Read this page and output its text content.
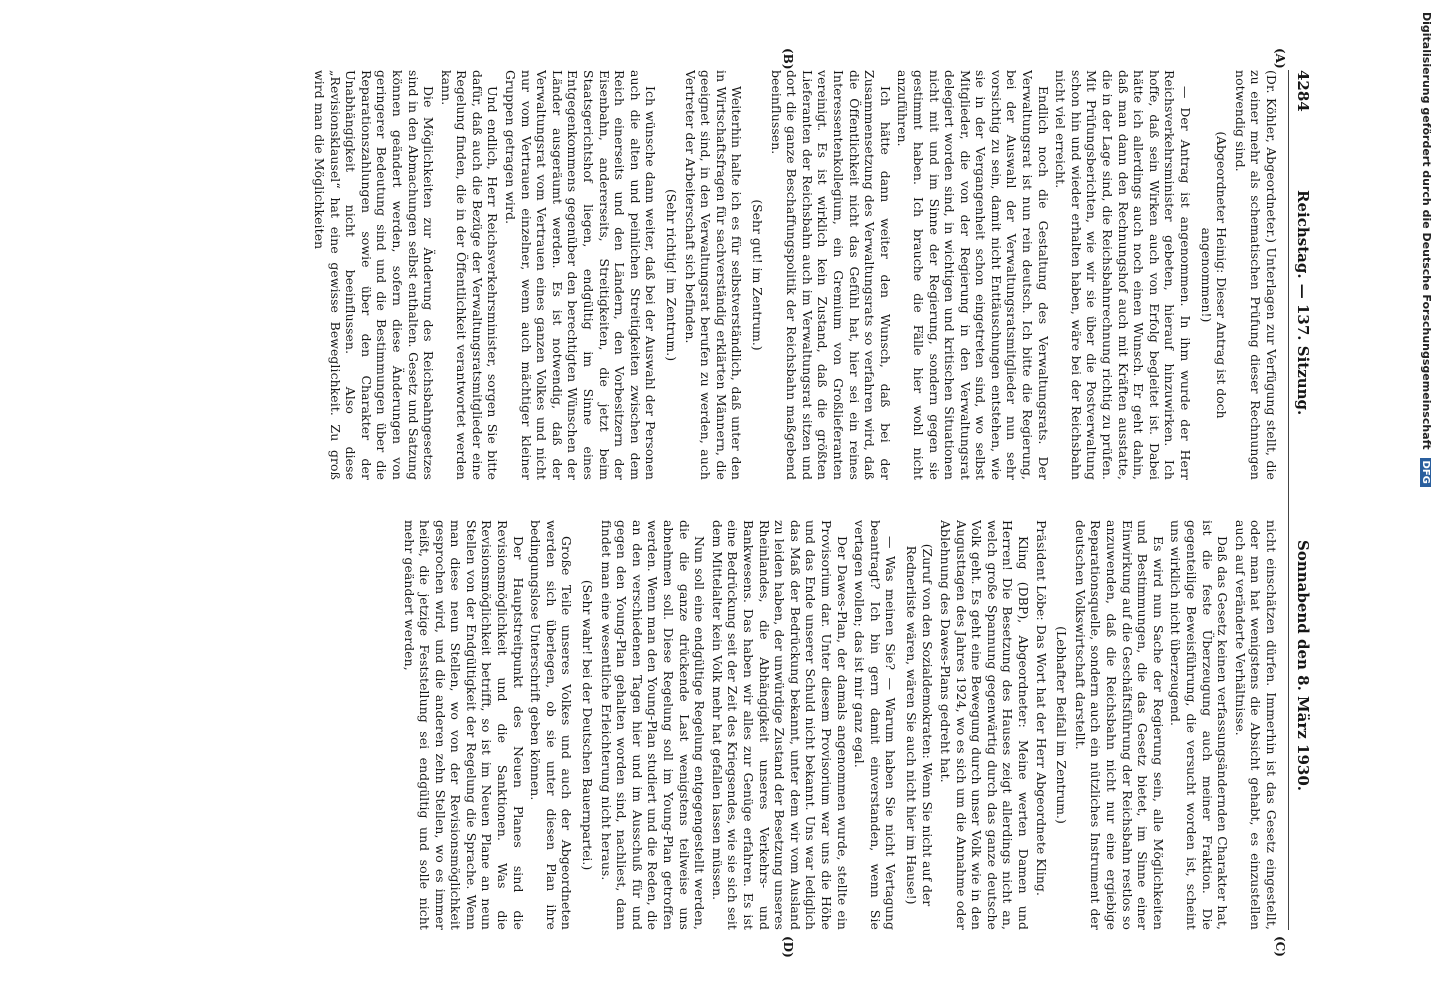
4284
Reichstag. — 137. Sitzung.
Sonnabend den 8. März 1930.
(A)
(B)
(C)
(D)

(Dr. Köhler, Abgeordneter.) Unterlagen zur Verfügung stellt, die zu einer mehr als schematischen Prüfung dieser Rechnungen notwendig sind.

(Abgeordneter Heinig: Dieser Antrag ist doch angenommen!)

— Der Antrag ist angenommen. In ihm wurde der Herr Reichsverkehrsminister gebeten, hierauf hinzuwirken. Ich hoffe, daß sein Wirken auch von Erfolg begleitet ist. Dabei hätte ich allerdings auch noch einen Wunsch. Er geht dahin, daß man dann den Rechnungshof auch mit Kräften ausstatte, die in der Lage sind, die Reichsbahnrechnung richtig zu prüfen. Mit Prüfungsberichten, wie wir sie über die Postverwaltung schon hin und wieder erhalten haben, wäre bei der Reichsbahn nicht viel erreicht.

Endlich noch die Gestaltung des Verwaltungsrats. Der Verwaltungsrat ist nun rein deutsch. Ich bitte die Regierung, bei der Auswahl der Verwaltungsratsmitglieder nun sehr vorsichtig zu sein, damit nicht Enttäuschungen entstehen, wie sie in der Vergangenheit schon eingetreten sind, wo selbst Mitglieder, die von der Regierung in den Verwaltungsrat delegiert worden sind, in wichtigen und kritischen Situationen nicht mit und im Sinne der Regierung, sondern gegen sie gestimmt haben. Ich brauche die Fälle hier wohl nicht anzuführen.

Ich hätte dann weiter den Wunsch, daß bei der Zusammensetzung des Verwaltungsrats so verfahren wird, daß die Öffentlichkeit nicht das Gefühl hat, hier sei ein reines Interessentenkollegium, ein Gremium von Großlieferanten vereinigt. Es ist wirklich kein Zustand, daß die größten Lieferanten der Reichsbahn auch im Verwaltungsrat sitzen und dort die ganze Beschaffungspolitik der Reichsbahn maßgebend beeinflussen.

(Sehr gut! im Zentrum.)

Weiterhin halte ich es für selbstverständlich, daß unter den in Wirtschaftsfragen für sachverständig erklärten Männern, die geeignet sind, in den Verwaltungsrat berufen zu werden, auch Vertreter der Arbeiterschaft sich befinden.

(Sehr richtig! im Zentrum.)

Ich wünsche dann weiter, daß bei der Auswahl der Personen auch die alten und peinlichen Streitigkeiten zwischen dem Reich einerseits und den Ländern, den Vorbesitzern der Eisenbahn, andererseits, Streitigkeiten, die jetzt beim Staatsgerichtshof liegen, endgültig im Sinne eines Entgegenkommens gegenüber den berechtigten Wünschen der Länder ausgeräumt werden. Es ist notwendig, daß der Verwaltungsrat vom Vertrauen eines ganzen Volkes und nicht nur vom Vertrauen einzelner, wenn auch mächtiger kleiner Gruppen getragen wird.

Und endlich, Herr Reichsverkehrsminister, sorgen Sie bitte dafür, daß auch die Bezüge der Verwaltungsratsmitglieder eine Regelung finden, die in der Öffentlichkeit verantwortet werden kann.

Die Möglichkeiten zur Änderung des Reichsbahngesetzes sind in den Abmachungen selbst enthalten. Gesetz und Satzung können geändert werden, sofern diese Änderungen von geringerer Bedeutung sind und die Bestimmungen über die Reparationszahlungen sowie über den Charakter der Unabhängigkeit nicht beeinflussen. Also diese „Revisionsklausel“ hat eine gewisse Beweglichkeit. Zu groß wird man die Möglichkeiten

nicht einschätzen dürfen. Immerhin ist das Gesetz eingestellt, oder man hat wenigstens die Absicht gehabt, es einzustellen auch auf veränderte Verhältnisse.

Daß das Gesetz keinen verfassungsändernden Charakter hat, ist die feste Überzeugung auch meiner Fraktion. Die gegenteilige Beweisführung, die versucht worden ist, scheint uns wirklich nicht überzeugend.

Es wird nun Sache der Regierung sein, alle Möglichkeiten und Bestimmungen, die das Gesetz bietet, im Sinne einer Einwirkung auf die Geschäftsführung der Reichsbahn restlos so anzuwenden, daß die Reichsbahn nicht nur eine ergiebige Reparationsquelle, sondern auch ein nützliches Instrument der deutschen Volkswirtschaft darstellt.

(Lebhafter Beifall im Zentrum.)

Präsident Löbe: Das Wort hat der Herr Abgeordnete Kling.

Kling (DBP), Abgeordneter: Meine werten Damen und Herren! Die Besetzung des Hauses zeigt allerdings nicht an, welch große Spannung gegenwärtig durch das ganze deutsche Volk geht. Es geht eine Bewegung durch unser Volk wie in den Augusttagen des Jahres 1924, wo es sich um die Annahme oder Ablehnung des Dawes-Plans gedreht hat.

(Zuruf von den Sozialdemokraten: Wenn Sie nicht auf der Rednerliste wären, wären Sie auch nicht hier im Hause!)

— Was meinen Sie? — Warum haben Sie nicht Vertagung beantragt? Ich bin gern damit einverstanden, wenn Sie vertagen wollen; das ist mir ganz egal.

Der Dawes-Plan, der damals angenommen wurde, stellte ein Provisorium dar. Unter diesem Provisorium war uns die Höhe und das Ende unserer Schuld nicht bekannt. Uns war lediglich das Maß der Bedrückung bekannt, unter dem wir vom Ausland zu leiden haben, der unwürdige Zustand der Besetzung unseres Rheinlandes, die Abhängigkeit unseres Verkehrs- und Bankwesens. Das haben wir alles zur Genüge erfahren. Es ist eine Bedrückung seit der Zeit des Kriegsendes, wie sie sich seit dem Mittelalter kein Volk mehr hat gefallen lassen müssen.

Nun soll eine endgültige Regelung entgegengestellt werden, die die ganze drückende Last wenigstens teilweise uns abnehmen soll. Diese Regelung soll im Young-Plan getroffen werden. Wenn man den Young-Plan studiert und die Reden, die an den verschiedenen Tagen hier und im Ausschuß für und gegen den Young-Plan gehalten worden sind, nachliest, dann findet man eine wesentliche Erleichterung nicht heraus.

(Sehr wahr! bei der Deutschen Bauernpartei.)

Große Teile unseres Volkes und auch der Abgeordneten werden sich überlegen, ob sie unter diesen Plan ihre bedingungslose Unterschrift geben können.

Der Hauptstreitpunkt des Neuen Planes sind die Revisionsmöglichkeit und die Sanktionen. Was die Revisionsmöglichkeit betrifft, so ist im Neuen Plane an neun Stellen von der Endgültigkeit der Regelung die Sprache. Wenn man diese neun Stellen, wo von der Revisionsmöglichkeit gesprochen wird, und die anderen zehn Stellen, wo es immer heißt, die jetzige Feststellung sei endgültig und solle nicht mehr geändert werden,

Digitalisierung gefördert durch die Deutsche Forschungsgemeinschaft DFG
